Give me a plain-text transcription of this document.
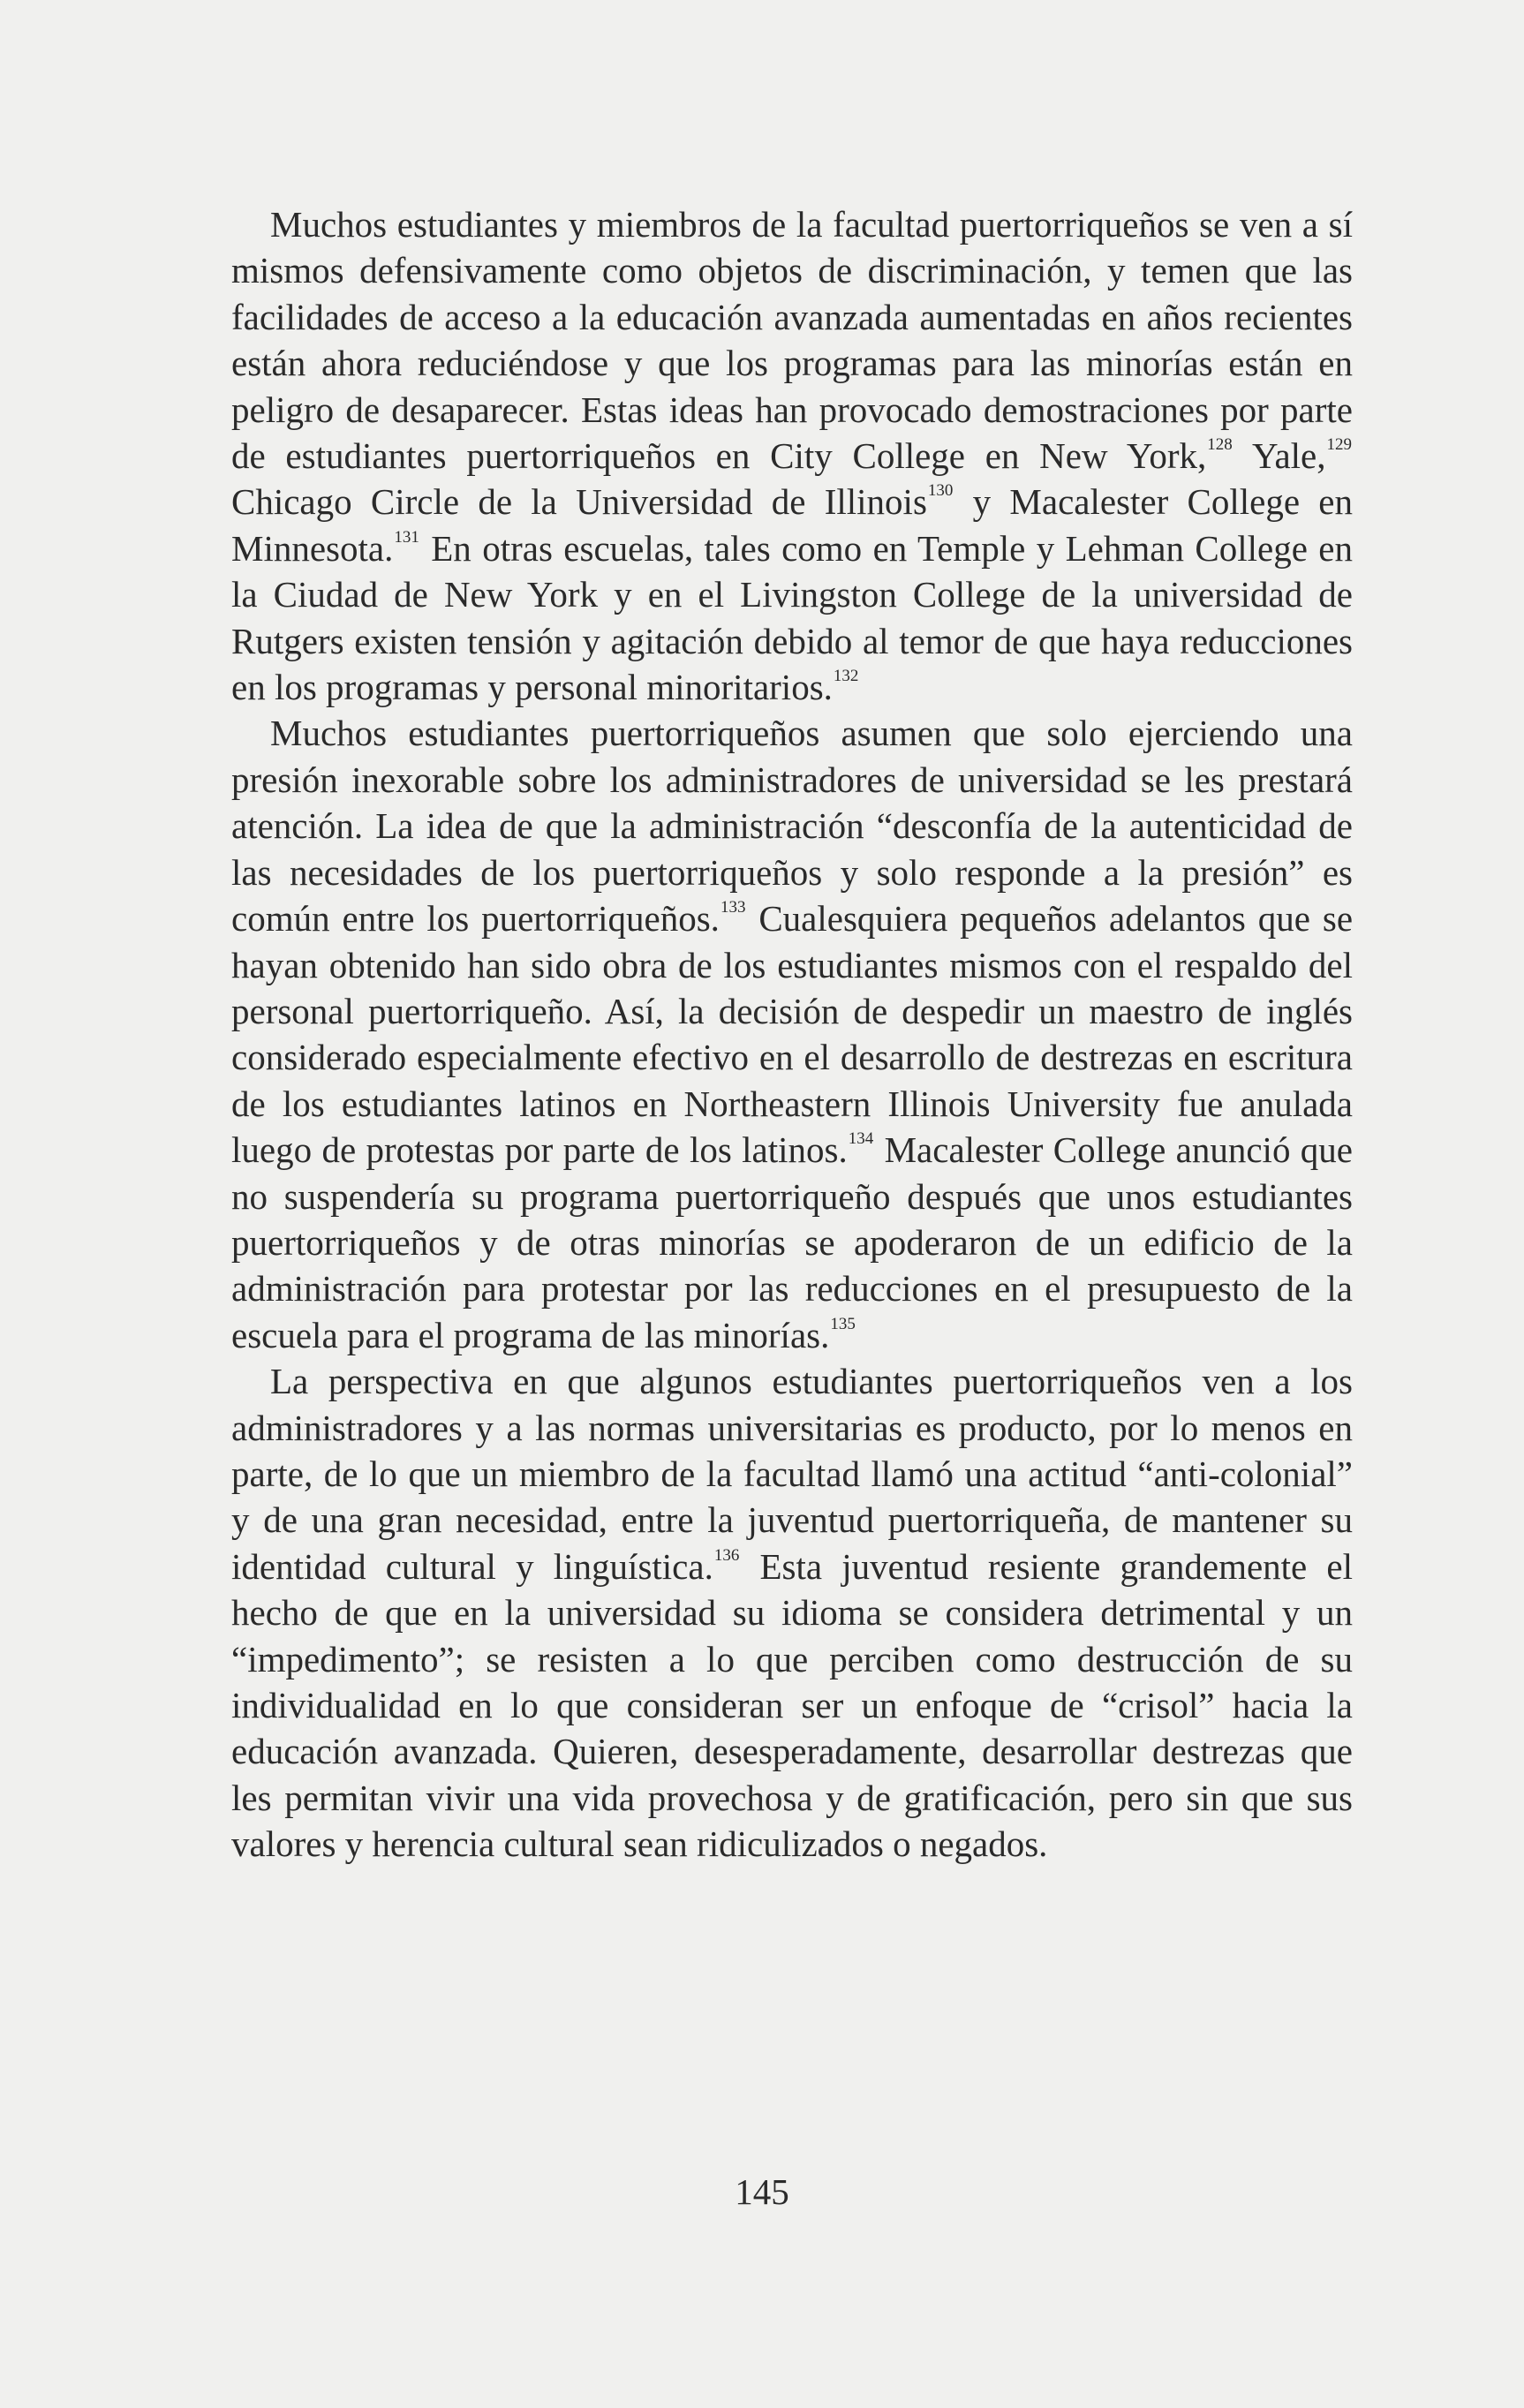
Muchos estudiantes y miembros de la facultad puertorriqueños se ven a sí mismos defensivamente como objetos de discriminación, y temen que las facilidades de acceso a la educación avanzada aumentadas en años recientes están ahora reduciéndose y que los programas para las minorías están en peligro de desaparecer. Estas ideas han provocado demostraciones por parte de estudiantes puertorriqueños en City College en New York,$^{128}$ Yale,$^{129}$ Chicago Circle de la Universidad de Illinois$^{130}$ y Macalester College en Minnesota.$^{131}$ En otras escuelas, tales como en Temple y Lehman College en la Ciudad de New York y en el Livingston College de la universidad de Rutgers existen tensión y agitación debido al temor de que haya reducciones en los programas y personal minoritarios.$^{132}$

Muchos estudiantes puertorriqueños asumen que solo ejerciendo una presión inexorable sobre los administradores de universidad se les prestará atención. La idea de que la administración “desconfía de la autenticidad de las necesidades de los puertorriqueños y solo responde a la presión” es común entre los puertorriqueños.$^{133}$ Cualesquiera pequeños adelantos que se hayan obtenido han sido obra de los estudiantes mismos con el respaldo del personal puertorriqueño. Así, la decisión de despedir un maestro de inglés considerado especialmente efectivo en el desarrollo de destrezas en escritura de los estudiantes latinos en Northeastern Illinois University fue anulada luego de protestas por parte de los latinos.$^{134}$ Macalester College anunció que no suspendería su programa puertorriqueño después que unos estudiantes puertorriqueños y de otras minorías se apoderaron de un edificio de la administración para protestar por las reducciones en el presupuesto de la escuela para el programa de las minorías.$^{135}$

La perspectiva en que algunos estudiantes puertorriqueños ven a los administradores y a las normas universitarias es producto, por lo menos en parte, de lo que un miembro de la facultad llamó una actitud “anti-colonial” y de una gran necesidad, entre la juventud puertorriqueña, de mantener su identidad cultural y linguística.$^{136}$ Esta juventud resiente grandemente el hecho de que en la universidad su idioma se considera detrimental y un “impedimento”; se resisten a lo que perciben como destrucción de su individualidad en lo que consideran ser un enfoque de “crisol” hacia la educación avanzada. Quieren, desesperadamente, desarrollar destrezas que les permitan vivir una vida provechosa y de gratificación, pero sin que sus valores y herencia cultural sean ridiculizados o negados.

145
